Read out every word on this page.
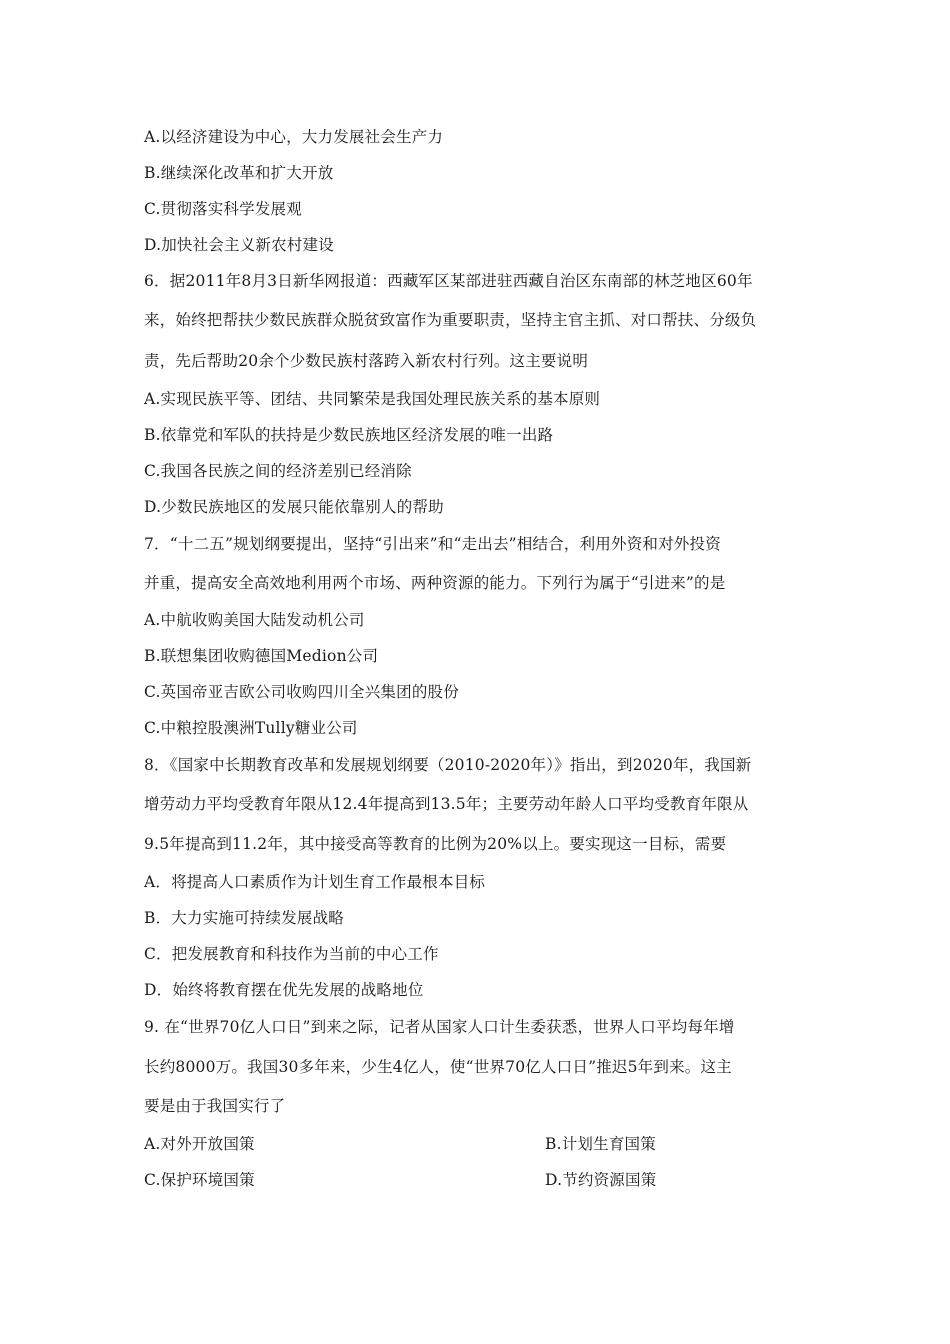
A.以经济建设为中心，大力发展社会生产力
B.继续深化改革和扩大开放
C.贯彻落实科学发展观
D.加快社会主义新农村建设
6．据2011年8月3日新华网报道：西藏军区某部进驻西藏自治区东南部的林芝地区60年
来，始终把帮扶少数民族群众脱贫致富作为重要职责，坚持主官主抓、对口帮扶、分级负
责，先后帮助20余个少数民族村落跨入新农村行列。这主要说明
A.实现民族平等、团结、共同繁荣是我国处理民族关系的基本原则
B.依靠党和军队的扶持是少数民族地区经济发展的唯一出路
C.我国各民族之间的经济差别已经消除
D.少数民族地区的发展只能依靠别人的帮助
7．“十二五”规划纲要提出，坚持“引出来”和“走出去”相结合，利用外资和对外投资
并重，提高安全高效地利用两个市场、两种资源的能力。下列行为属于“引进来”的是
A.中航收购美国大陆发动机公司
B.联想集团收购德国Medion公司
C.英国帝亚吉欧公司收购四川全兴集团的股份
C.中粮控股澳洲Tully糖业公司
8．《国家中长期教育改革和发展规划纲要（2010-2020年）》指出，到2020年，我国新
增劳动力平均受教育年限从12.4年提高到13.5年；主要劳动年龄人口平均受教育年限从
9.5年提高到11.2年，其中接受高等教育的比例为20%以上。要实现这一目标，需要
A．将提高人口素质作为计划生育工作最根本目标
B．大力实施可持续发展战略
C．把发展教育和科技作为当前的中心工作
D．始终将教育摆在优先发展的战略地位
9. 在“世界70亿人口日”到来之际，记者从国家人口计生委获悉，世界人口平均每年增
长约8000万。我国30多年来，少生4亿人，使“世界70亿人口日”推迟5年到来。这主
要是由于我国实行了
A.对外开放国策	B.计划生育国策
C.保护环境国策	D.节约资源国策
